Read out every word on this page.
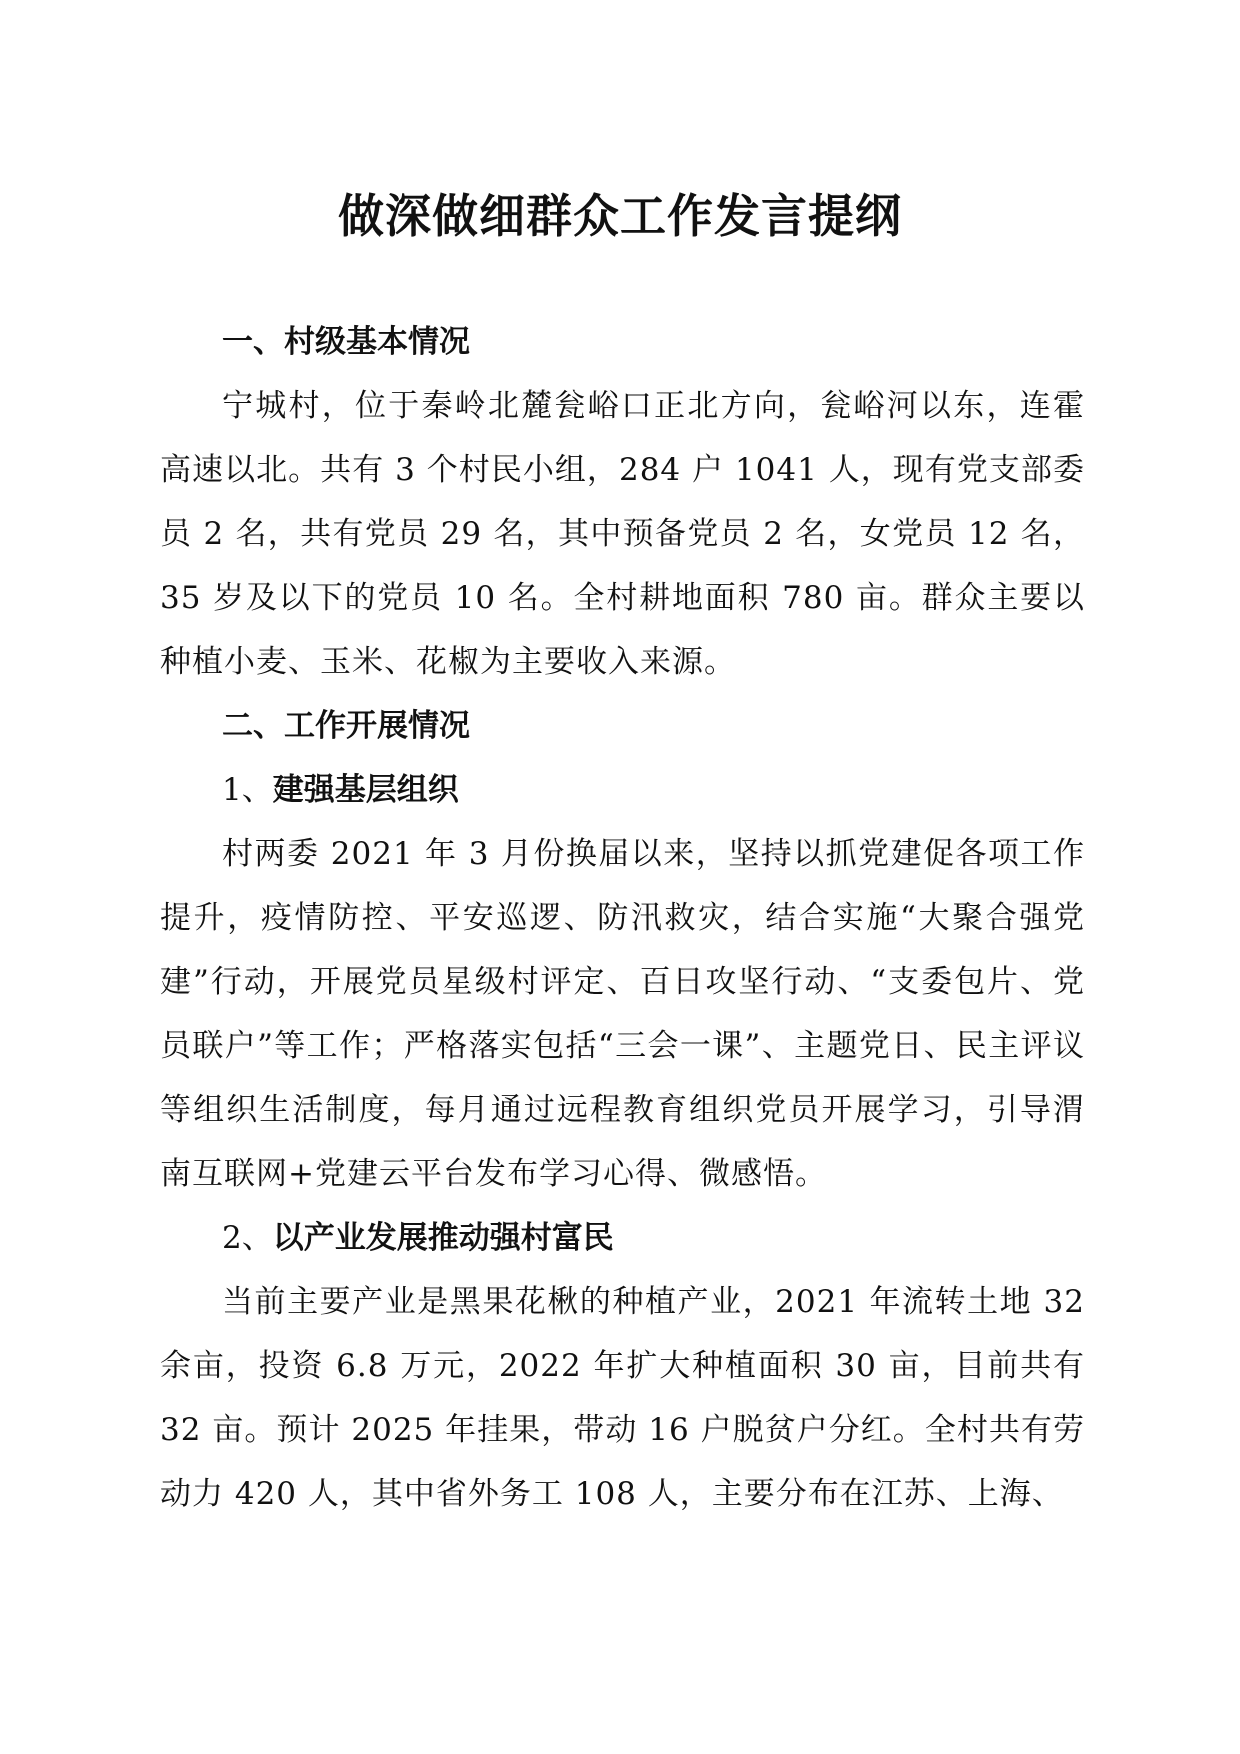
做深做细群众工作发言提纲

一、村级基本情况

宁城村，位于秦岭北麓瓮峪口正北方向，瓮峪河以东，连霍高速以北。共有 3 个村民小组，284 户 1041 人，现有党支部委员 2 名，共有党员 29 名，其中预备党员 2 名，女党员 12 名，35 岁及以下的党员 10 名。全村耕地面积 780 亩。群众主要以种植小麦、玉米、花椒为主要收入来源。

二、工作开展情况

1、建强基层组织

村两委 2021 年 3 月份换届以来，坚持以抓党建促各项工作提升，疫情防控、平安巡逻、防汛救灾，结合实施“大聚合强党建”行动，开展党员星级村评定、百日攻坚行动、“支委包片、党员联户”等工作；严格落实包括“三会一课”、主题党日、民主评议等组织生活制度，每月通过远程教育组织党员开展学习，引导渭南互联网+党建云平台发布学习心得、微感悟。

2、以产业发展推动强村富民

当前主要产业是黑果花楸的种植产业，2021 年流转土地 32 余亩，投资 6.8 万元，2022 年扩大种植面积 30 亩，目前共有 32 亩。预计 2025 年挂果，带动 16 户脱贫户分红。全村共有劳动力 420 人，其中省外务工 108 人，主要分布在江苏、上海、
